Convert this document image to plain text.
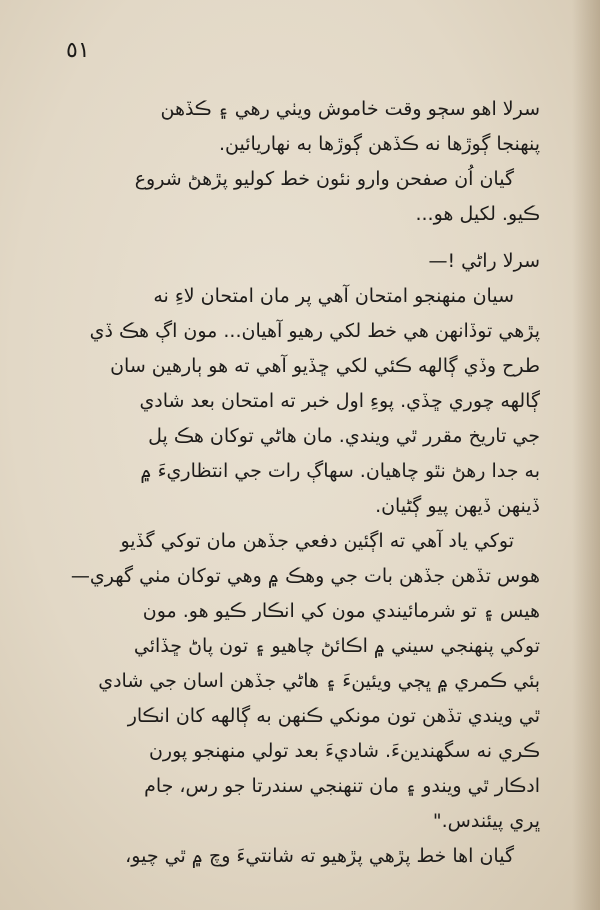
٥١
سرلا اهو سڄو وقت خاموش ويٺي رهي ۽ ڪڏهن
پنهنجا ڳوڙها نه ڪڏهن ڳوڙها به نهاريائين.
گيان اُن صفحن وارو نئون خط کوليو پڙهڻ شروع
ڪيو. لکيل هو...
سرلا راڻي !—
سيان منهنجو امتحان آهي پر مان امتحان لاءِ نه
پڙهي توڏانهن هي خط لکي رهيو آهيان... مون اڳ هڪ ڏي
طرح وڏي ڳالهه ڪئي لکي ڇڏيو آهي ته هو ٻارهين سان
ڳالهه چوري ڇڏي. پوءِ اول خبر ته امتحان بعد شادي
جي تاريخ مقرر ٿي ويندي. مان هاڻي توکان هڪ پل
به جدا رهڻ نٿو چاهيان. سهاڳ رات جي انتظاريءَ ۾
ڏينهن ڏيهن پيو ڳڻيان.
توکي ياد آهي ته اڳئين دفعي جڏهن مان توکي گڏيو
هوس تڏهن جڏهن بات جي وهڪ ۾ وهي توکان مٺي گهري—
هيس ۽ تو شرمائيندي مون کي انڪار ڪيو هو. مون
توکي پنهنجي سيني ۾ اڪائڻ چاهيو ۽ تون پاڻ ڇڏائي
ٻئي ڪمري ۾ ڀڄي ويئينءَ ۽ هاڻي جڏهن اسان جي شادي
ٿي ويندي تڏهن تون مونکي ڪنهن به ڳالهه کان انڪار
ڪري نه سگهندينءَ. شاديءَ بعد تولي منهنجو پورن
ادڪار ٿي ويندو ۽ مان تنهنجي سندرتا جو رس، جام
ڀري پيئندس."
گيان اها خط پڙهي پڙهيو ته شانتيءَ وچ ۾ ٿي چيو،
